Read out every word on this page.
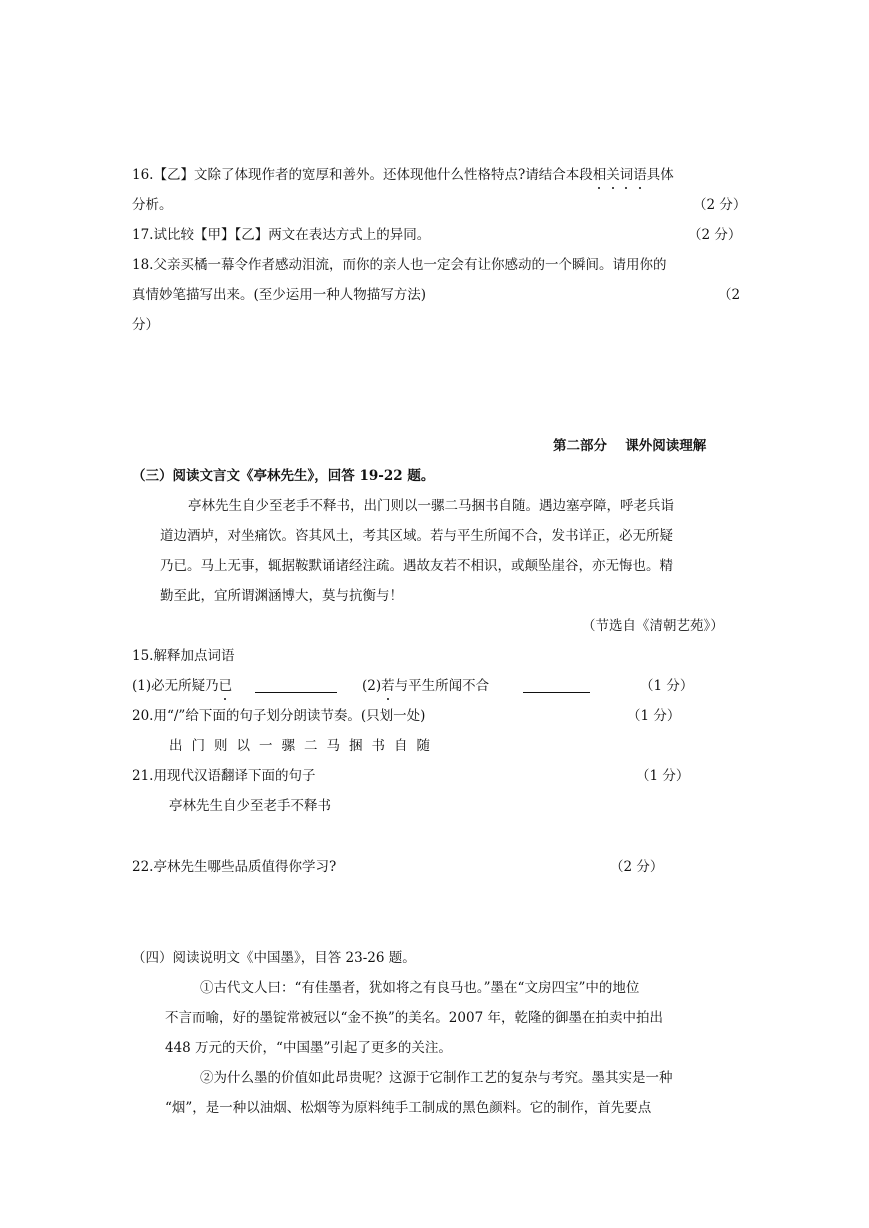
16.【乙】文除了体现作者的宽厚和善外。还体现他什么性格特点?请结合本段相关词语具体
分析。	（2 分）
17.试比较【甲】【乙】两文在表达方式上的异同。	（2 分）
18.父亲买橘一幕令作者感动泪流，而你的亲人也一定会有让你感动的一个瞬间。请用你的
真情妙笔描写出来。(至少运用一种人物描写方法)	（2
分）
第二部分　 课外阅读理解
（三）阅读文言文《亭林先生》，回答 19-22 题。
亭林先生自少至老手不释书，出门则以一骡二马捆书自随。遇边塞亭障，呼老兵诣
道边酒垆，对坐痛饮。咨其风土，考其区域。若与平生所闻不合，发书详正，必无所疑
乃已。马上无事，辄据鞍默诵诸经注疏。遇故友若不相识，或颠坠崖谷，亦无悔也。精
勤至此，宜所谓渊涵博大，莫与抗衡与！
（节选自《清朝艺苑》）
15.解释加点词语
(1)必无所疑乃已	(2)若与平生所闻不合	（1 分）
20.用“/”给下面的句子划分朗读节奏。(只划一处)	（1 分）
出门则以一骡二马捆书自随
21.用现代汉语翻译下面的句子	（1 分）
亭林先生自少至老手不释书
22.亭林先生哪些品质值得你学习?	（2 分）
（四）阅读说明文《中国墨》，目答 23-26 题。
①古代文人曰：“有佳墨者，犹如将之有良马也。”墨在“文房四宝”中的地位
不言而喻，好的墨锭常被冠以“金不换”的美名。2007 年，乾隆的御墨在拍卖中拍出
448 万元的天价，“中国墨”引起了更多的关注。
②为什么墨的价值如此昂贵呢？这源于它制作工艺的复杂与考究。墨其实是一种
“烟”，是一种以油烟、松烟等为原料纯手工制成的黑色颜料。它的制作，首先要点
